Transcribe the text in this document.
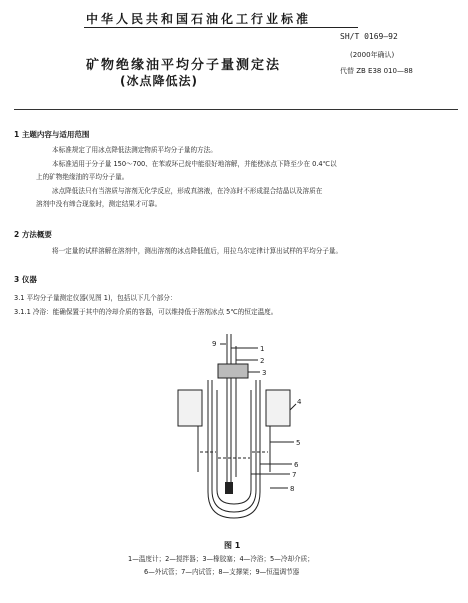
中华人民共和国石油化工行业标准
SH/T 0169—92
(2000年确认)
矿物绝缘油平均分子量测定法	代替 ZB E38 010—88
(冰点降低法)
1 主题内容与适用范围
本标准规定了用冰点降低法测定物质平均分子量的方法。
本标准适用于分子量 150～700、在苯或环己烷中能很好地溶解，并能使冰点下降至少在 0.4℃以
上的矿物绝缘油的平均分子量。
冰点降低法只有当溶质与溶剂无化学反应，形成真溶液，在冷冻时不形成混合结晶以及溶质在
溶剂中没有缔合现象时，测定结果才可靠。
2 方法概要
将一定量的试样溶解在溶剂中，测出溶剂的冰点降低值后，用拉乌尔定律计算出试样的平均分子量。
3 仪器
3.1 平均分子量测定仪器(见图 1)，包括以下几个部分：
3.1.1 冷浴：能确保置于其中的冷却介质的容器，可以维持低于溶剂冰点 5℃的恒定温度。
9
1
2
3
4
5
6
7
8
图 1
1—温度计；2—搅拌器；3—橡胶塞；4—冷浴；5—冷却介质；
6—外试管；7—内试管；8—支撑架；9—恒温调节器
